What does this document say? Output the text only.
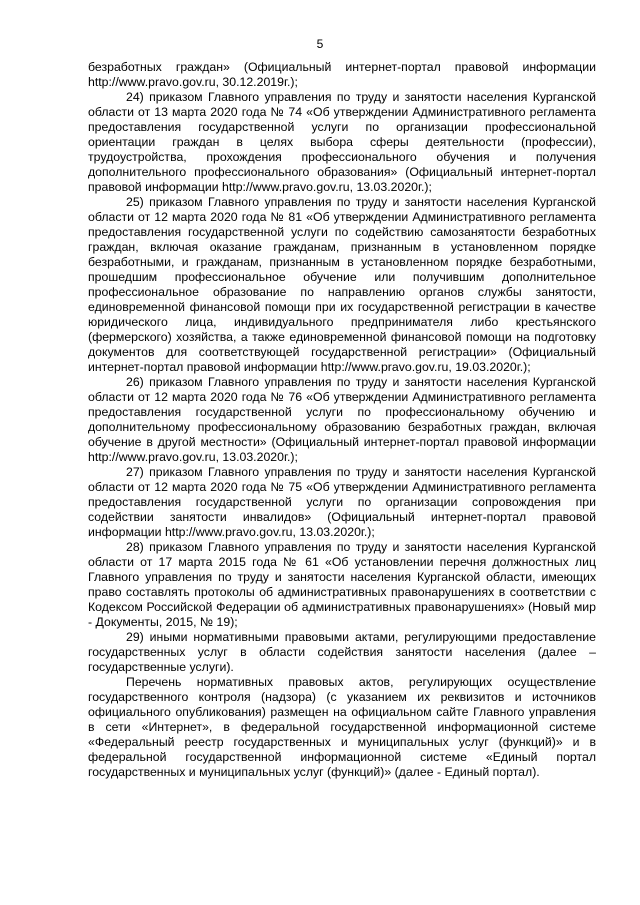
5

безработных граждан» (Официальный интернет-портал правовой информации http://www.pravo.gov.ru, 30.12.2019г.);

24) приказом Главного управления по труду и занятости населения Курганской области от 13 марта 2020 года № 74 «Об утверждении Административного регламента предоставления государственной услуги по организации профессиональной ориентации граждан в целях выбора сферы деятельности (профессии), трудоустройства, прохождения профессионального обучения и получения дополнительного профессионального образования» (Официальный интернет-портал правовой информации http://www.pravo.gov.ru, 13.03.2020г.);

25) приказом Главного управления по труду и занятости населения Курганской области от 12 марта 2020 года № 81 «Об утверждении Административного регламента предоставления государственной услуги по содействию самозанятости безработных граждан, включая оказание гражданам, признанным в установленном порядке безработными, и гражданам, признанным в установленном порядке безработными, прошедшим профессиональное обучение или получившим дополнительное профессиональное образование по направлению органов службы занятости, единовременной финансовой помощи при их государственной регистрации в качестве юридического лица, индивидуального предпринимателя либо крестьянского (фермерского) хозяйства, а также единовременной финансовой помощи на подготовку документов для соответствующей государственной регистрации» (Официальный интернет-портал правовой информации http://www.pravo.gov.ru, 19.03.2020г.);

26) приказом Главного управления по труду и занятости населения Курганской области от 12 марта 2020 года № 76 «Об утверждении Административного регламента предоставления государственной услуги по профессиональному обучению и дополнительному профессиональному образованию безработных граждан, включая обучение в другой местности» (Официальный интернет-портал правовой информации http://www.pravo.gov.ru, 13.03.2020г.);

27) приказом Главного управления по труду и занятости населения Курганской области от 12 марта 2020 года № 75 «Об утверждении Административного регламента предоставления государственной услуги по организации сопровождения при содействии занятости инвалидов» (Официальный интернет-портал правовой информации http://www.pravo.gov.ru, 13.03.2020г.);

28) приказом Главного управления по труду и занятости населения Курганской области от 17 марта 2015 года № 61 «Об установлении перечня должностных лиц Главного управления по труду и занятости населения Курганской области, имеющих право составлять протоколы об административных правонарушениях в соответствии с Кодексом Российской Федерации об административных правонарушениях» (Новый мир - Документы, 2015, № 19);

29) иными нормативными правовыми актами, регулирующими предоставление государственных услуг в области содействия занятости населения (далее – государственные услуги).

Перечень нормативных правовых актов, регулирующих осуществление государственного контроля (надзора) (с указанием их реквизитов и источников официального опубликования) размещен на официальном сайте Главного управления в сети «Интернет», в федеральной государственной информационной системе «Федеральный реестр государственных и муниципальных услуг (функций)» и в федеральной государственной информационной системе «Единый портал государственных и муниципальных услуг (функций)» (далее - Единый портал).
